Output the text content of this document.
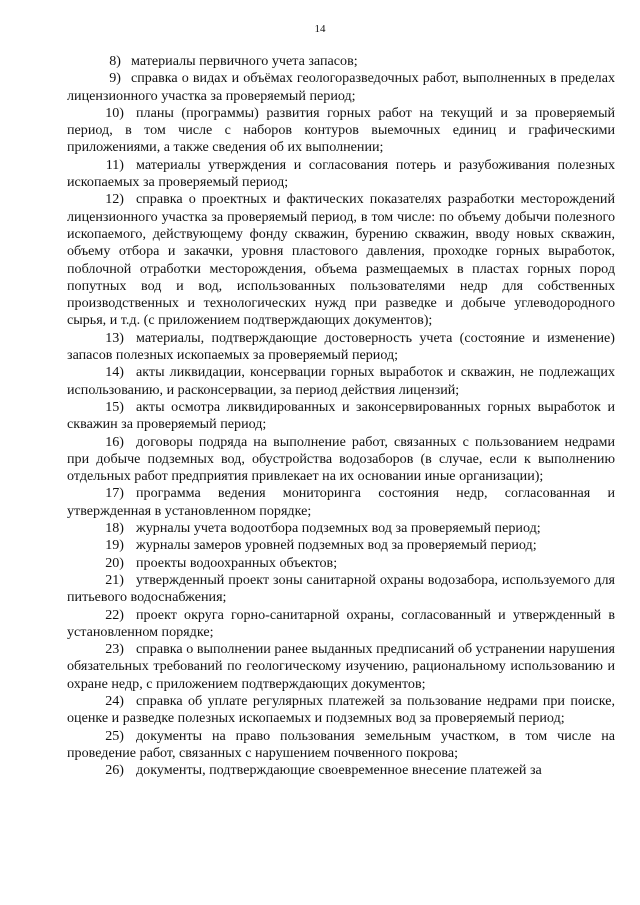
14

8) материалы первичного учета запасов;

9) справка о видах и объёмах геологоразведочных работ, выполненных в пределах лицензионного участка за проверяемый период;

10) планы (программы) развития горных работ на текущий и за проверяемый период, в том числе с наборов контуров выемочных единиц и графическими приложениями, а также сведения об их выполнении;

11) материалы утверждения и согласования потерь и разубоживания полезных ископаемых за проверяемый период;

12) справка о проектных и фактических показателях разработки месторождений лицензионного участка за проверяемый период, в том числе: по объему добычи полезного ископаемого, действующему фонду скважин, бурению скважин, вводу новых скважин, объему отбора и закачки, уровня пластового давления, проходке горных выработок, поблочной отработки месторождения, объема размещаемых в пластах горных пород попутных вод и вод, использованных пользователями недр для собственных производственных и технологических нужд при разведке и добыче углеводородного сырья, и т.д. (с приложением подтверждающих документов);

13) материалы, подтверждающие достоверность учета (состояние и изменение) запасов полезных ископаемых за проверяемый период;

14) акты ликвидации, консервации горных выработок и скважин, не подлежащих использованию, и расконсервации, за период действия лицензий;

15) акты осмотра ликвидированных и законсервированных горных выработок и скважин за проверяемый период;

16) договоры подряда на выполнение работ, связанных с пользованием недрами при добыче подземных вод, обустройства водозаборов (в случае, если к выполнению отдельных работ предприятия привлекает на их основании иные организации);

17) программа ведения мониторинга состояния недр, согласованная и утвержденная в установленном порядке;

18) журналы учета водоотбора подземных вод за проверяемый период;

19) журналы замеров уровней подземных вод за проверяемый период;

20) проекты водоохранных объектов;

21) утвержденный проект зоны санитарной охраны водозабора, используемого для питьевого водоснабжения;

22) проект округа горно-санитарной охраны, согласованный и утвержденный в установленном порядке;

23) справка о выполнении ранее выданных предписаний об устранении нарушения обязательных требований по геологическому изучению, рациональному использованию и охране недр, с приложением подтверждающих документов;

24) справка об уплате регулярных платежей за пользование недрами при поиске, оценке и разведке полезных ископаемых и подземных вод за проверяемый период;

25) документы на право пользования земельным участком, в том числе на проведение работ, связанных с нарушением почвенного покрова;

26) документы, подтверждающие своевременное внесение платежей за
